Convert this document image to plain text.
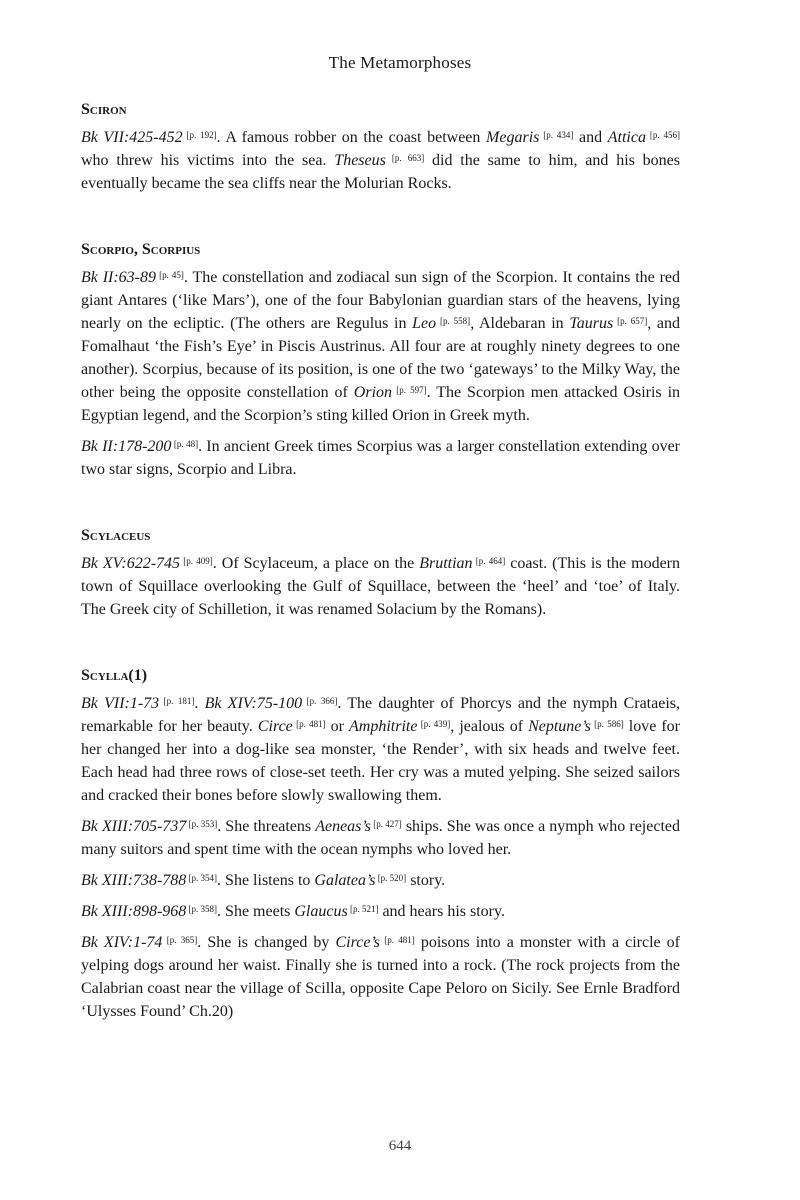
The Metamorphoses
Sciron

Bk VII:425-452 [p. 192]. A famous robber on the coast between Megaris [p. 434] and Attica [p. 456] who threw his victims into the sea. Theseus [p. 663] did the same to him, and his bones eventually became the sea cliffs near the Molurian Rocks.

Scorpio, Scorpius

Bk II:63-89 [p. 45]. The constellation and zodiacal sun sign of the Scorpion. It contains the red giant Antares (‘like Mars’), one of the four Babylonian guardian stars of the heavens, lying nearly on the ecliptic. (The others are Regulus in Leo [p. 558], Aldebaran in Taurus [p. 657], and Fomalhaut ‘the Fish’s Eye’ in Piscis Austrinus. All four are at roughly ninety degrees to one another). Scorpius, because of its position, is one of the two ‘gateways’ to the Milky Way, the other being the opposite constellation of Orion [p. 597]. The Scorpion men attacked Osiris in Egyptian legend, and the Scorpion’s sting killed Orion in Greek myth.

Bk II:178-200 [p. 48]. In ancient Greek times Scorpius was a larger constellation extending over two star signs, Scorpio and Libra.

Scylaceus

Bk XV:622-745 [p. 409]. Of Scylaceum, a place on the Bruttian [p. 464] coast. (This is the modern town of Squillace overlooking the Gulf of Squillace, between the ‘heel’ and ‘toe’ of Italy. The Greek city of Schilletion, it was renamed Solacium by the Romans).

Scylla(1)

Bk VII:1-73 [p. 181]. Bk XIV:75-100 [p. 366]. The daughter of Phorcys and the nymph Crataeis, remarkable for her beauty. Circe [p. 481] or Amphitrite [p. 439], jealous of Neptune’s [p. 586] love for her changed her into a dog-like sea monster, ‘the Render’, with six heads and twelve feet. Each head had three rows of close-set teeth. Her cry was a muted yelping. She seized sailors and cracked their bones before slowly swallowing them.

Bk XIII:705-737 [p. 353]. She threatens Aeneas’s [p. 427] ships. She was once a nymph who rejected many suitors and spent time with the ocean nymphs who loved her.

Bk XIII:738-788 [p. 354]. She listens to Galatea’s [p. 520] story.

Bk XIII:898-968 [p. 358]. She meets Glaucus [p. 521] and hears his story.

Bk XIV:1-74 [p. 365]. She is changed by Circe’s [p. 481] poisons into a monster with a circle of yelping dogs around her waist. Finally she is turned into a rock. (The rock projects from the Calabrian coast near the village of Scilla, opposite Cape Peloro on Sicily. See Ernle Bradford ‘Ulysses Found’ Ch.20)

644
